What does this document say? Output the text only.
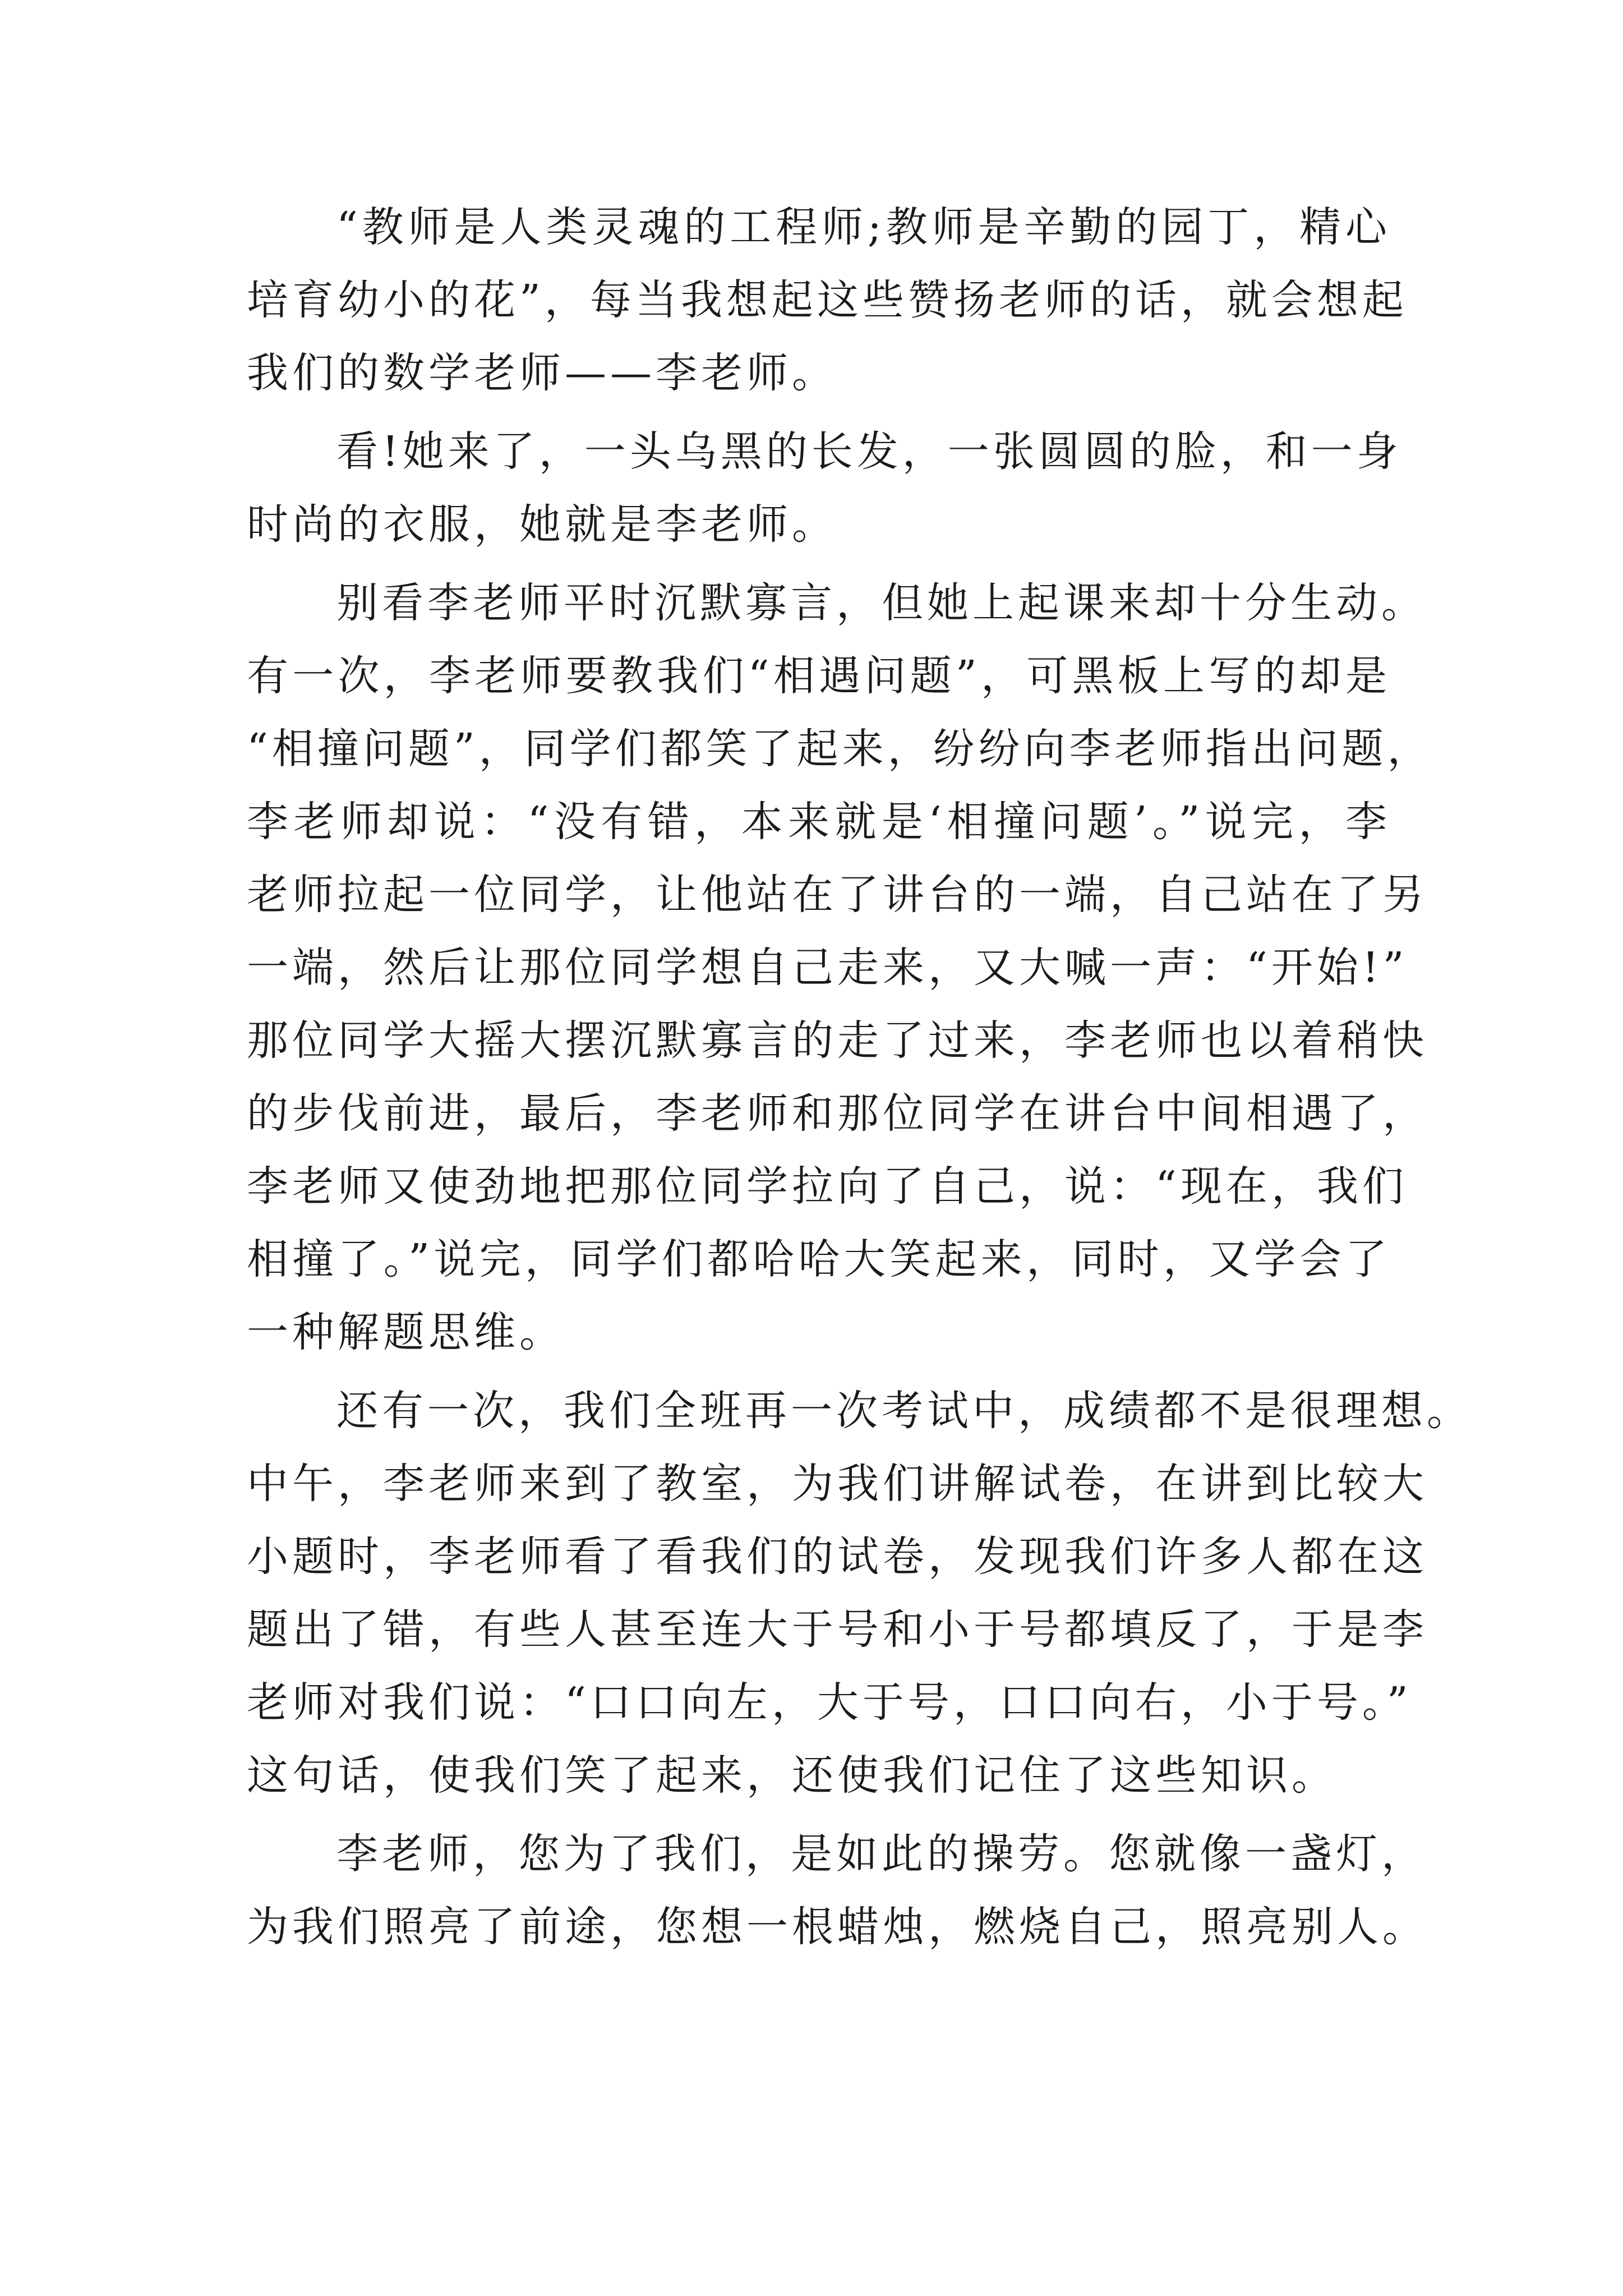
“教师是人类灵魂的工程师;教师是辛勤的园丁，精心
培育幼小的花”，每当我想起这些赞扬老师的话，就会想起
我们的数学老师——李老师。
看!她来了，一头乌黑的长发，一张圆圆的脸，和一身
时尚的衣服，她就是李老师。
别看李老师平时沉默寡言，但她上起课来却十分生动。
有一次，李老师要教我们“相遇问题”，可黑板上写的却是
“相撞问题”，同学们都笑了起来，纷纷向李老师指出问题，
李老师却说：“没有错，本来就是‘相撞问题’。”说完，李
老师拉起一位同学，让他站在了讲台的一端，自己站在了另
一端，然后让那位同学想自己走来，又大喊一声：“开始!”
那位同学大摇大摆沉默寡言的走了过来，李老师也以着稍快
的步伐前进，最后，李老师和那位同学在讲台中间相遇了，
李老师又使劲地把那位同学拉向了自己，说：“现在，我们
相撞了。”说完，同学们都哈哈大笑起来，同时，又学会了
一种解题思维。
还有一次，我们全班再一次考试中，成绩都不是很理想。
中午，李老师来到了教室，为我们讲解试卷，在讲到比较大
小题时，李老师看了看我们的试卷，发现我们许多人都在这
题出了错，有些人甚至连大于号和小于号都填反了，于是李
老师对我们说：“口口向左，大于号，口口向右，小于号。”
这句话，使我们笑了起来，还使我们记住了这些知识。
李老师，您为了我们，是如此的操劳。您就像一盏灯，
为我们照亮了前途，您想一根蜡烛，燃烧自己，照亮别人。
